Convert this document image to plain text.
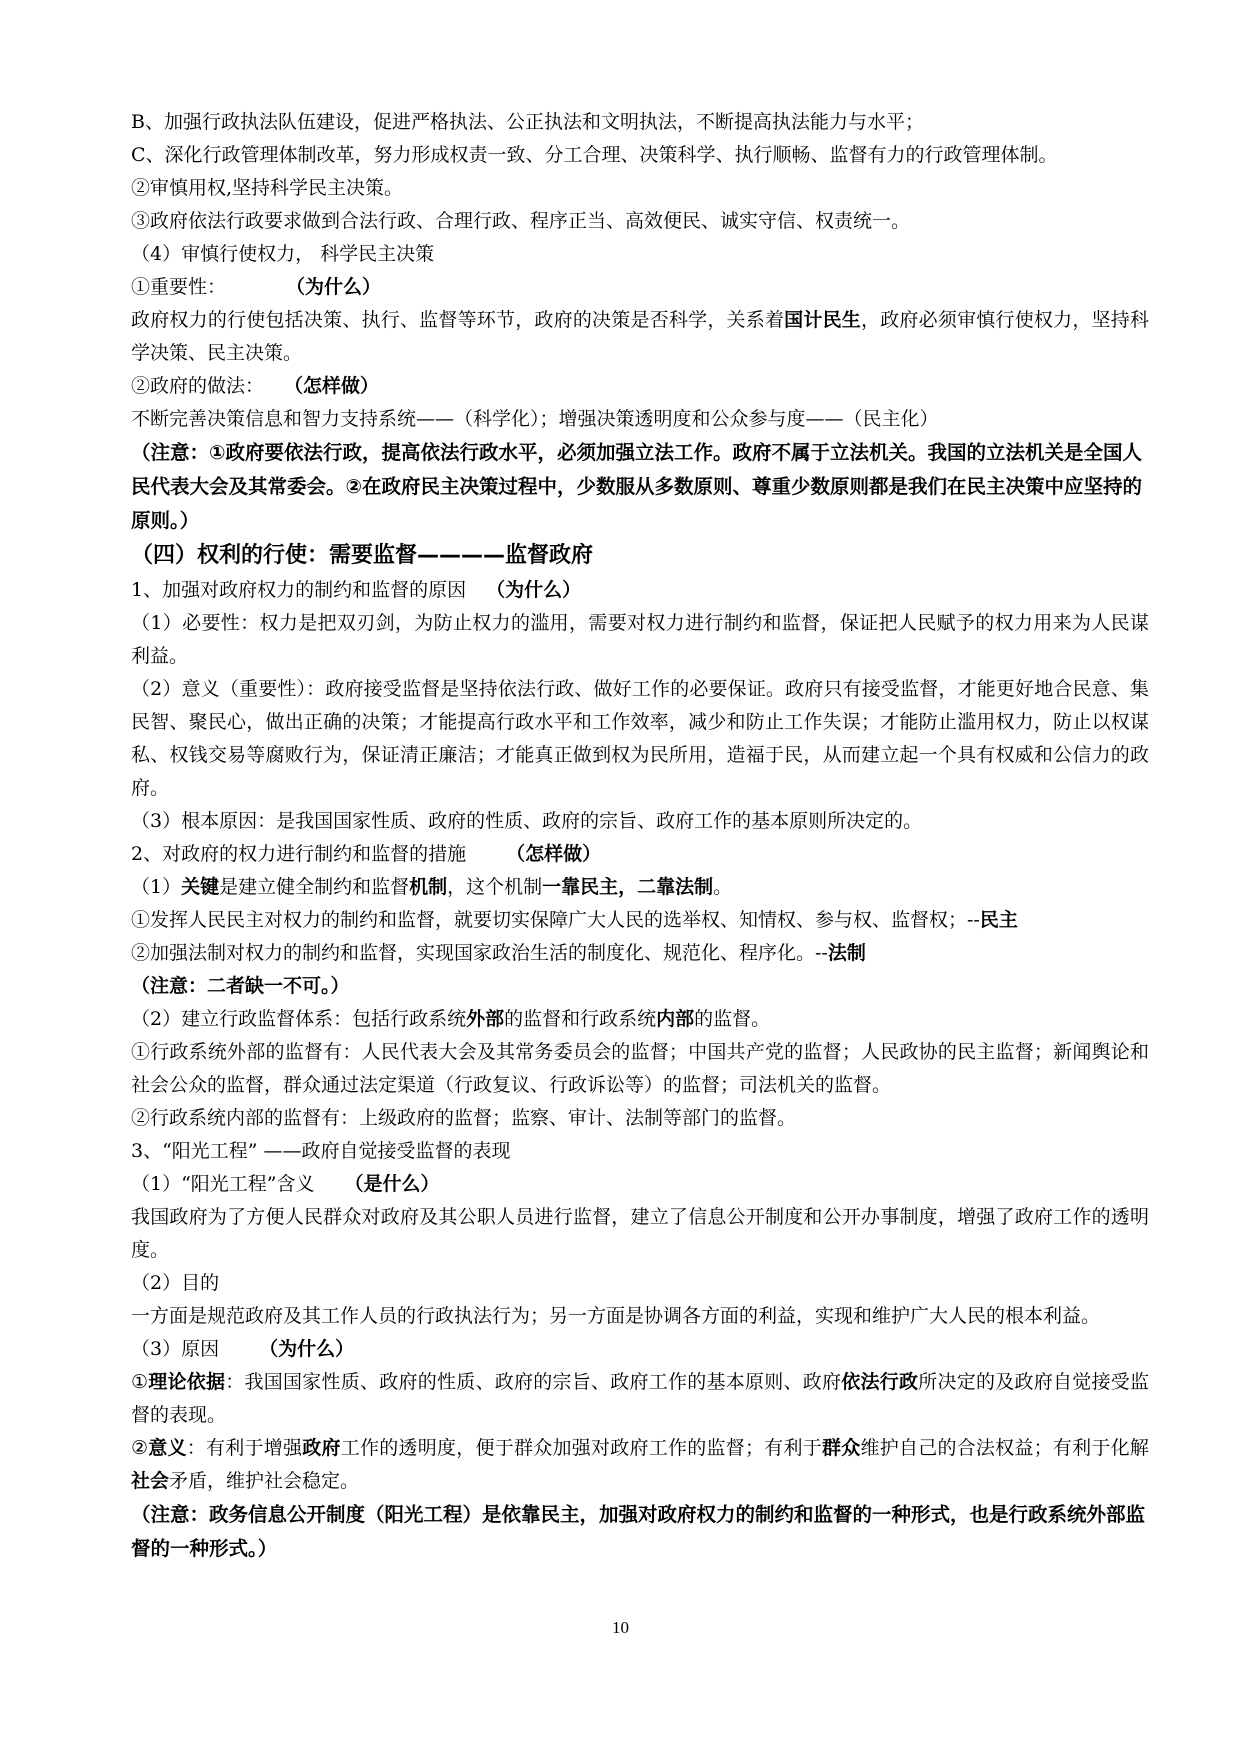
B、加强行政执法队伍建设，促进严格执法、公正执法和文明执法，不断提高执法能力与水平；
C、深化行政管理体制改革，努力形成权责一致、分工合理、决策科学、执行顺畅、监督有力的行政管理体制。
②审慎用权,坚持科学民主决策。
③政府依法行政要求做到合法行政、合理行政、程序正当、高效便民、诚实守信、权责统一。
（4）审慎行使权力， 科学民主决策
①重要性：	（为什么）
政府权力的行使包括决策、执行、监督等环节，政府的决策是否科学，关系着国计民生，政府必须审慎行使权力，坚持科学决策、民主决策。
②政府的做法： （怎样做）
不断完善决策信息和智力支持系统——（科学化）；增强决策透明度和公众参与度——（民主化）
（注意：①政府要依法行政，提高依法行政水平，必须加强立法工作。政府不属于立法机关。我国的立法机关是全国人民代表大会及其常委会。②在政府民主决策过程中，少数服从多数原则、尊重少数原则都是我们在民主决策中应坚持的原则。）
（四）权利的行使：需要监督————监督政府
1、加强对政府权力的制约和监督的原因 （为什么）
（1）必要性：权力是把双刃剑，为防止权力的滥用，需要对权力进行制约和监督，保证把人民赋予的权力用来为人民谋利益。
（2）意义（重要性）：政府接受监督是坚持依法行政、做好工作的必要保证。政府只有接受监督，才能更好地合民意、集民智、聚民心，做出正确的决策；才能提高行政水平和工作效率，减少和防止工作失误；才能防止滥用权力，防止以权谋私、权钱交易等腐败行为，保证清正廉洁；才能真正做到权为民所用，造福于民，从而建立起一个具有权威和公信力的政府。
（3）根本原因：是我国国家性质、政府的性质、政府的宗旨、政府工作的基本原则所决定的。
2、对政府的权力进行制约和监督的措施 （怎样做）
（1）关键是建立健全制约和监督机制，这个机制一靠民主，二靠法制。
①发挥人民民主对权力的制约和监督，就要切实保障广大人民的选举权、知情权、参与权、监督权；--民主
②加强法制对权力的制约和监督，实现国家政治生活的制度化、规范化、程序化。--法制
（注意：二者缺一不可。）
（2）建立行政监督体系：包括行政系统外部的监督和行政系统内部的监督。
①行政系统外部的监督有：人民代表大会及其常务委员会的监督；中国共产党的监督；人民政协的民主监督；新闻舆论和社会公众的监督，群众通过法定渠道（行政复议、行政诉讼等）的监督；司法机关的监督。
②行政系统内部的监督有：上级政府的监督；监察、审计、法制等部门的监督。
3、“阳光工程” ——政府自觉接受监督的表现
（1）“阳光工程”含义 （是什么）
我国政府为了方便人民群众对政府及其公职人员进行监督，建立了信息公开制度和公开办事制度，增强了政府工作的透明度。
（2）目的
一方面是规范政府及其工作人员的行政执法行为；另一方面是协调各方面的利益，实现和维护广大人民的根本利益。
（3）原因 （为什么）
①理论依据：我国国家性质、政府的性质、政府的宗旨、政府工作的基本原则、政府依法行政所决定的及政府自觉接受监督的表现。
②意义：有利于增强政府工作的透明度，便于群众加强对政府工作的监督；有利于群众维护自己的合法权益；有利于化解社会矛盾，维护社会稳定。
（注意：政务信息公开制度（阳光工程）是依靠民主，加强对政府权力的制约和监督的一种形式，也是行政系统外部监督的一种形式。）
10
